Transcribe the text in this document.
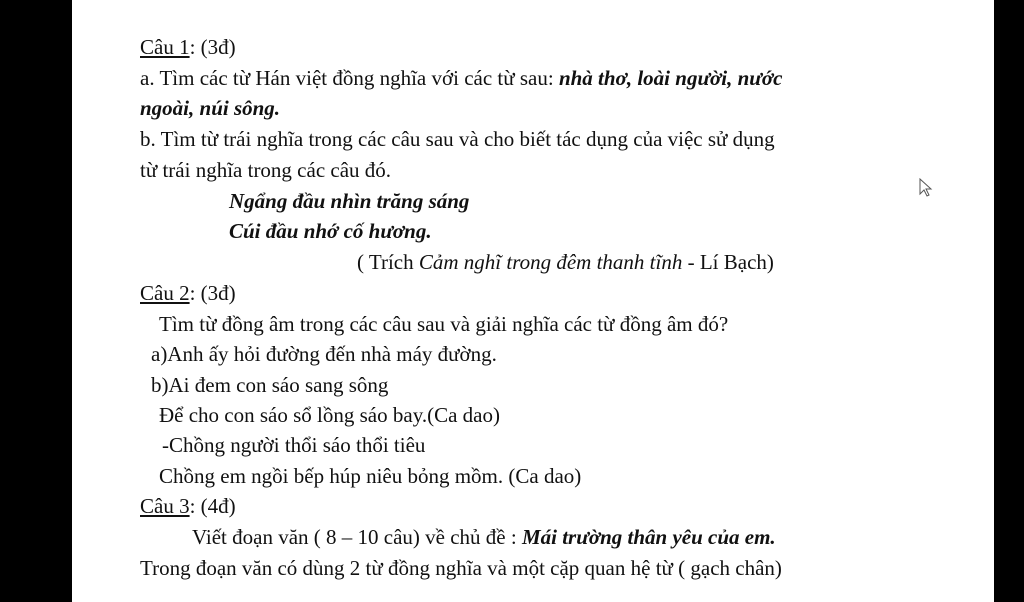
Câu 1: (3đ)
a. Tìm các từ Hán việt đồng nghĩa với các từ sau: nhà thơ, loài người, nước
ngoài, núi sông.
b. Tìm từ trái nghĩa trong các câu sau và cho biết tác dụng của việc sử dụng
từ trái nghĩa trong các câu đó.
Ngẩng đầu nhìn trăng sáng
Cúi đầu nhớ cố hương.
( Trích Cảm nghĩ trong đêm thanh tĩnh - Lí Bạch)
Câu 2: (3đ)
Tìm từ đồng âm trong các câu sau và giải nghĩa các từ đồng âm đó?
a)Anh ấy hỏi đường đến nhà máy đường.
b)Ai đem con sáo sang sông
Để cho con sáo sổ lồng sáo bay.(Ca dao)
-Chồng người thổi sáo thổi tiêu
Chồng em ngồi bếp húp niêu bỏng mồm. (Ca dao)
Câu 3: (4đ)
Viết đoạn văn ( 8 – 10 câu) về chủ đề : Mái trường thân yêu của em.
Trong đoạn văn có dùng 2 từ đồng nghĩa và một cặp quan hệ từ ( gạch chân)
